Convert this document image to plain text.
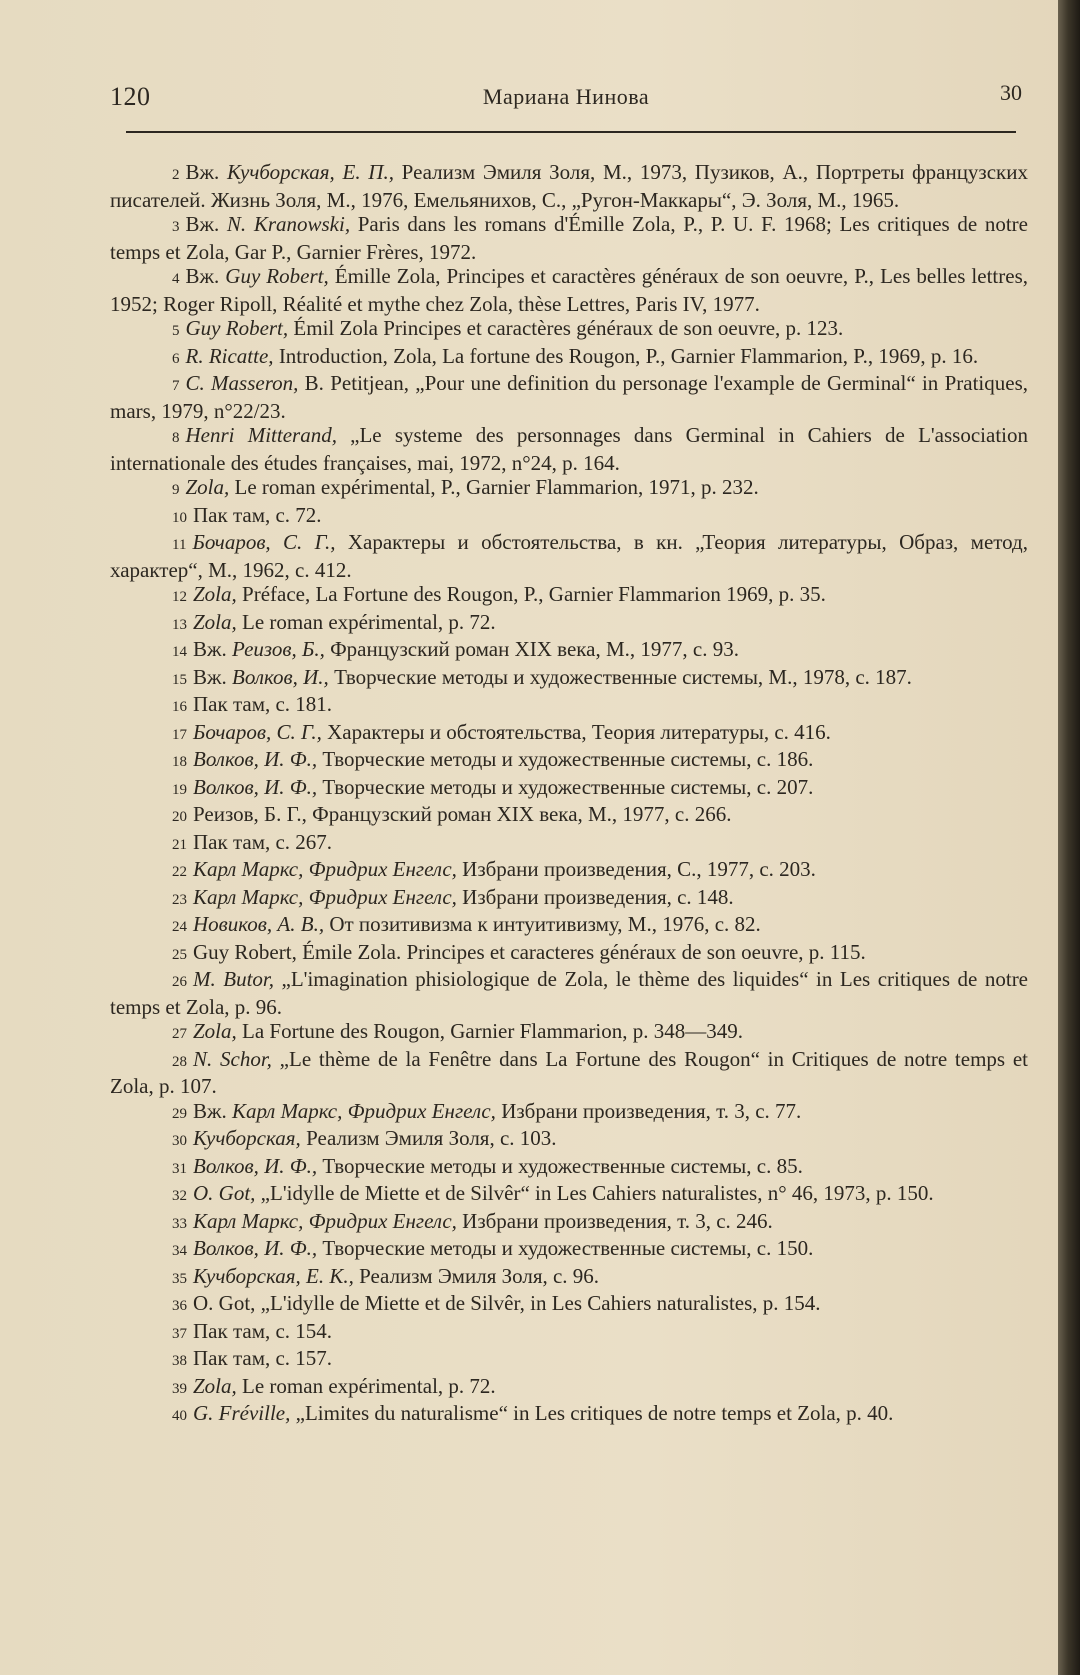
120	Мариана Нинова	30
2 Вж. Кучборская, Е. П., Реализм Эмиля Золя, М., 1973, Пузиков, А., Портреты французских писателей. Жизнь Золя, М., 1976, Емельянихов, С., „Ругон-Маккары“, Э. Золя, М., 1965.
3 Вж. N. Kranowski, Paris dans les romans d'Émille Zola, P., P. U. F. 1968; Les critiques de notre temps et Zola, Gar P., Garnier Frères, 1972.
4 Вж. Guy Robert, Émille Zola, Principes et caractères généraux de son oeuvre, P., Les belles lettres, 1952; Roger Ripoll, Réalité et mythe chez Zola, thèse Lettres, Paris IV, 1977.
5 Guy Robert, Émil Zola Principes et caractères généraux de son oeuvre, p. 123.
6 R. Ricatte, Introduction, Zola, La fortune des Rougon, P., Garnier Flammarion, P., 1969, p. 16.
7 C. Masseron, B. Petitjean, „Pour une definition du personage l'example de Germinal“ in Pratiques, mars, 1979, n°22/23.
8 Henri Mitterand, „Le systeme des personnages dans Germinal in Cahiers de L'association internationale des études françaises, mai, 1972, n°24, p. 164.
9 Zola, Le roman expérimental, P., Garnier Flammarion, 1971, p. 232.
10 Пак там, с. 72.
11 Бочаров, С. Г., Характеры и обстоятельства, в кн. „Теория литературы, Образ, метод, характер“, М., 1962, с. 412.
12 Zola, Préface, La Fortune des Rougon, P., Garnier Flammarion 1969, p. 35.
13 Zola, Le roman expérimental, p. 72.
14 Вж. Реизов, Б., Французский роман XIX века, М., 1977, с. 93.
15 Вж. Волков, И., Творческие методы и художественные системы, М., 1978, с. 187.
16 Пак там, с. 181.
17 Бочаров, С. Г., Характеры и обстоятельства, Теория литературы, с. 416.
18 Волков, И. Ф., Творческие методы и художественные системы, с. 186.
19 Волков, И. Ф., Творческие методы и художественные системы, с. 207.
20 Реизов, Б. Г., Французский роман XIX века, М., 1977, с. 266.
21 Пак там, с. 267.
22 Карл Маркс, Фридрих Енгелс, Избрани произведения, С., 1977, с. 203.
23 Карл Маркс, Фридрих Енгелс, Избрани произведения, с. 148.
24 Новиков, А. В., От позитивизма к интуитивизму, М., 1976, с. 82.
25 Guy Robert, Émile Zola. Principes et caracteres généraux de son oeuvre, p. 115.
26 M. Butor, „L'imagination phisiologique de Zola, le thème des liquides“ in Les critiques de notre temps et Zola, p. 96.
27 Zola, La Fortune des Rougon, Garnier Flammarion, p. 348—349.
28 N. Schor, „Le thème de la Fenêtre dans La Fortune des Rougon“ in Critiques de notre temps et Zola, p. 107.
29 Вж. Карл Маркс, Фридрих Енгелс, Избрани произведения, т. 3, с. 77.
30 Кучборская, Реализм Эмиля Золя, с. 103.
31 Волков, И. Ф., Творческие методы и художественные системы, с. 85.
32 O. Got, „L'idylle de Miette et de Silvêr“ in Les Cahiers naturalistes, n° 46, 1973, p. 150.
33 Карл Маркс, Фридрих Енгелс, Избрани произведения, т. 3, с. 246.
34 Волков, И. Ф., Творческие методы и художественные системы, с. 150.
35 Кучборская, Е. К., Реализм Эмиля Золя, с. 96.
36 O. Got, „L'idylle de Miette et de Silvêr, in Les Cahiers naturalistes, p. 154.
37 Пак там, с. 154.
38 Пак там, с. 157.
39 Zola, Le roman expérimental, p. 72.
40 G. Fréville, „Limites du naturalisme“ in Les critiques de notre temps et Zola, p. 40.
